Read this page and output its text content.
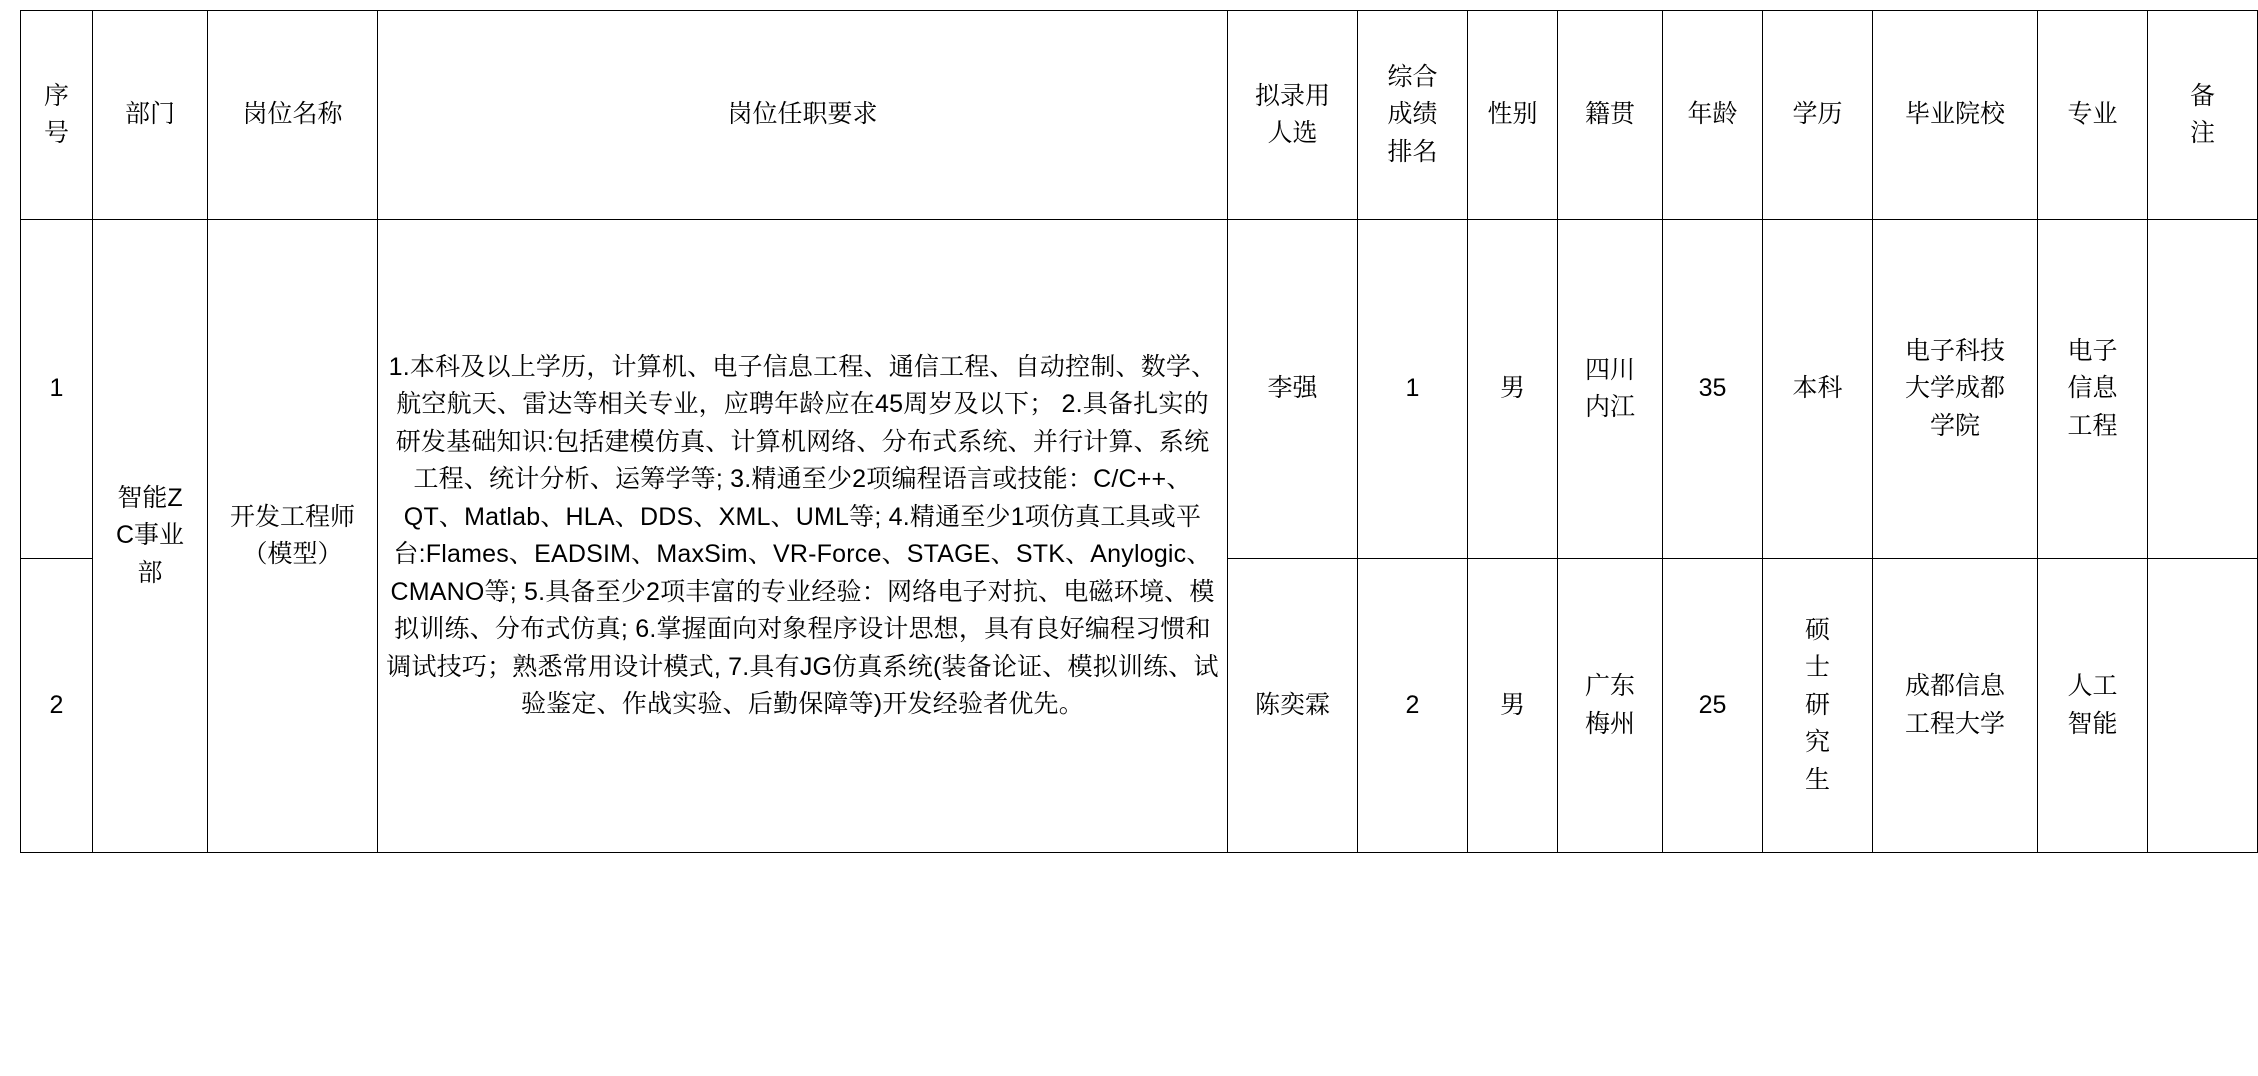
序号	部门	岗位名称	岗位任职要求	拟录用人选	综合成绩排名	性别	籍贯	年龄	学历	毕业院校	专业	备注

1	智能ZC事业部	开发工程师（模型）	1.本科及以上学历，计算机、电子信息工程、通信工程、自动控制、数学、航空航天、雷达等相关专业，应聘年龄应在45周岁及以下； 2.具备扎实的研发基础知识:包括建模仿真、计算机网络、分布式系统、并行计算、系统工程、统计分析、运筹学等; 3.精通至少2项编程语言或技能：C/C++、QT、Matlab、HLA、DDS、XML、UML等; 4.精通至少1项仿真工具或平台:Flames、EADSIM、MaxSim、VR-Force、STAGE、STK、Anylogic、CMANO等; 5.具备至少2项丰富的专业经验：网络电子对抗、电磁环境、模拟训练、分布式仿真; 6.掌握面向对象程序设计思想，具有良好编程习惯和调试技巧；熟悉常用设计模式, 7.具有JG仿真系统(装备论证、模拟训练、试验鉴定、作战实验、后勤保障等)开发经验者优先。	李强	1	男	四川内江	35	本科	电子科技大学成都学院	电子信息工程	

2				陈奕霖	2	男	广东梅州	25	硕士研究生	成都信息工程大学	人工智能	
